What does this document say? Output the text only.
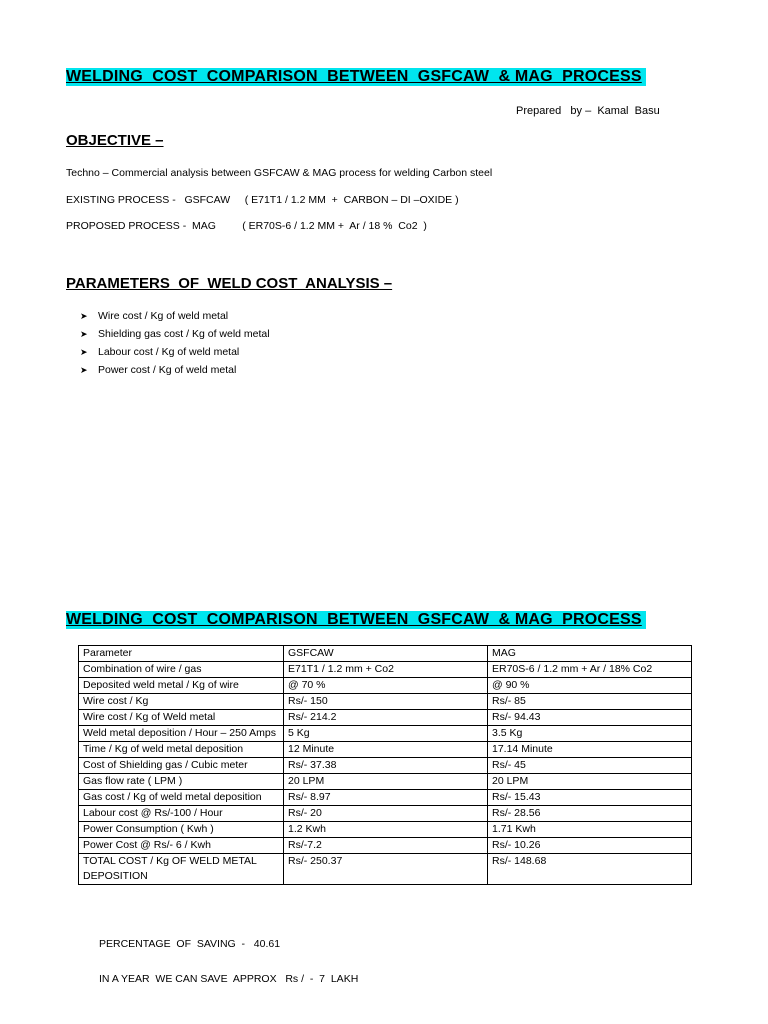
WELDING  COST  COMPARISON  BETWEEN  GSFCAW  & MAG  PROCESS
Prepared   by –  Kamal  Basu
OBJECTIVE –
Techno – Commercial analysis between GSFCAW & MAG process for welding Carbon steel
EXISTING PROCESS -   GSFCAW     ( E71T1 / 1.2 MM  +  CARBON – DI –OXIDE )
PROPOSED PROCESS -  MAG         ( ER70S-6 / 1.2 MM +  Ar / 18 %  Co2  )
PARAMETERS  OF  WELD COST  ANALYSIS –
➤ Wire cost / Kg of weld metal
➤ Shielding gas cost / Kg of weld metal
➤ Labour cost / Kg of weld metal
➤ Power cost / Kg of weld metal
WELDING  COST  COMPARISON  BETWEEN  GSFCAW  & MAG  PROCESS
Parameter	GSFCAW	MAG
Combination of wire / gas	E71T1 / 1.2 mm + Co2	ER70S-6 / 1.2 mm + Ar / 18% Co2
Deposited weld metal / Kg of wire	@ 70 %	@ 90 %
Wire cost / Kg	Rs/- 150	Rs/- 85
Wire cost / Kg of Weld metal	Rs/- 214.2	Rs/- 94.43
Weld metal deposition / Hour – 250 Amps	5 Kg	3.5 Kg
Time / Kg of weld metal deposition	12 Minute	17.14 Minute
Cost of Shielding gas / Cubic meter	Rs/- 37.38	Rs/- 45
Gas flow rate ( LPM )	20 LPM	20 LPM
Gas cost / Kg of weld metal deposition	Rs/- 8.97	Rs/- 15.43
Labour cost @ Rs/-100 / Hour	Rs/- 20	Rs/- 28.56
Power Consumption ( Kwh )	1.2 Kwh	1.71 Kwh
Power Cost @ Rs/- 6 / Kwh	Rs/-7.2	Rs/- 10.26
TOTAL COST / Kg OF WELD METAL DEPOSITION	Rs/- 250.37	Rs/- 148.68
PERCENTAGE  OF  SAVING  -   40.61
IN A YEAR  WE CAN SAVE  APPROX   Rs /  -  7  LAKH
